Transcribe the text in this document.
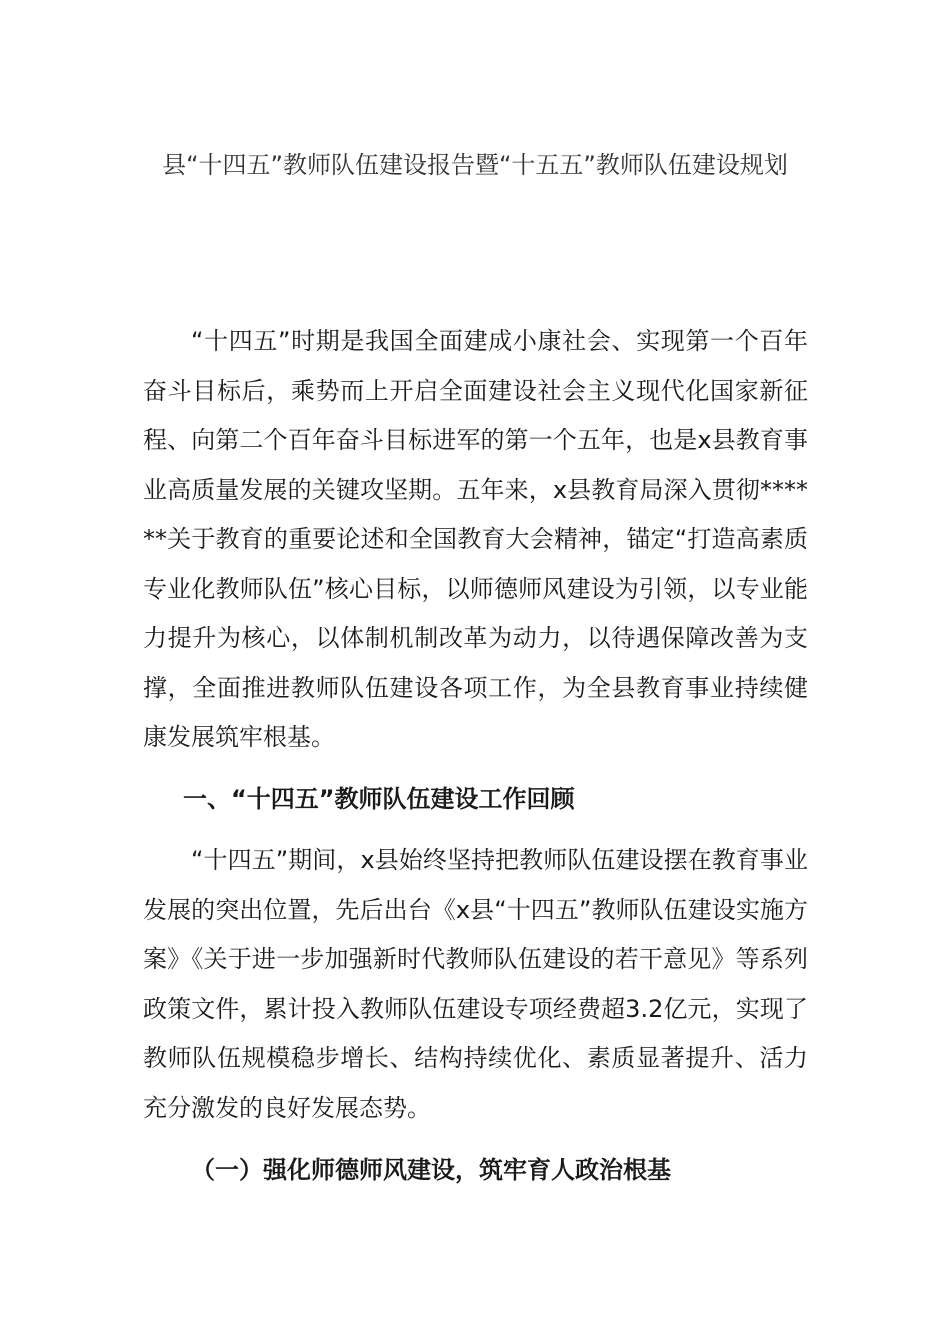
县“十四五”教师队伍建设报告暨“十五五”教师队伍建设规划

“十四五”时期是我国全面建成小康社会、实现第一个百年奋斗目标后，乘势而上开启全面建设社会主义现代化国家新征程、向第二个百年奋斗目标进军的第一个五年，也是x县教育事业高质量发展的关键攻坚期。五年来，x县教育局深入贯彻******关于教育的重要论述和全国教育大会精神，锚定“打造高素质专业化教师队伍”核心目标，以师德师风建设为引领，以专业能力提升为核心，以体制机制改革为动力，以待遇保障改善为支撑，全面推进教师队伍建设各项工作，为全县教育事业持续健康发展筑牢根基。

一、“十四五”教师队伍建设工作回顾

“十四五”期间，x县始终坚持把教师队伍建设摆在教育事业发展的突出位置，先后出台《x县“十四五”教师队伍建设实施方案》《关于进一步加强新时代教师队伍建设的若干意见》等系列政策文件，累计投入教师队伍建设专项经费超3.2亿元，实现了教师队伍规模稳步增长、结构持续优化、素质显著提升、活力充分激发的良好发展态势。

（一）强化师德师风建设，筑牢育人政治根基
